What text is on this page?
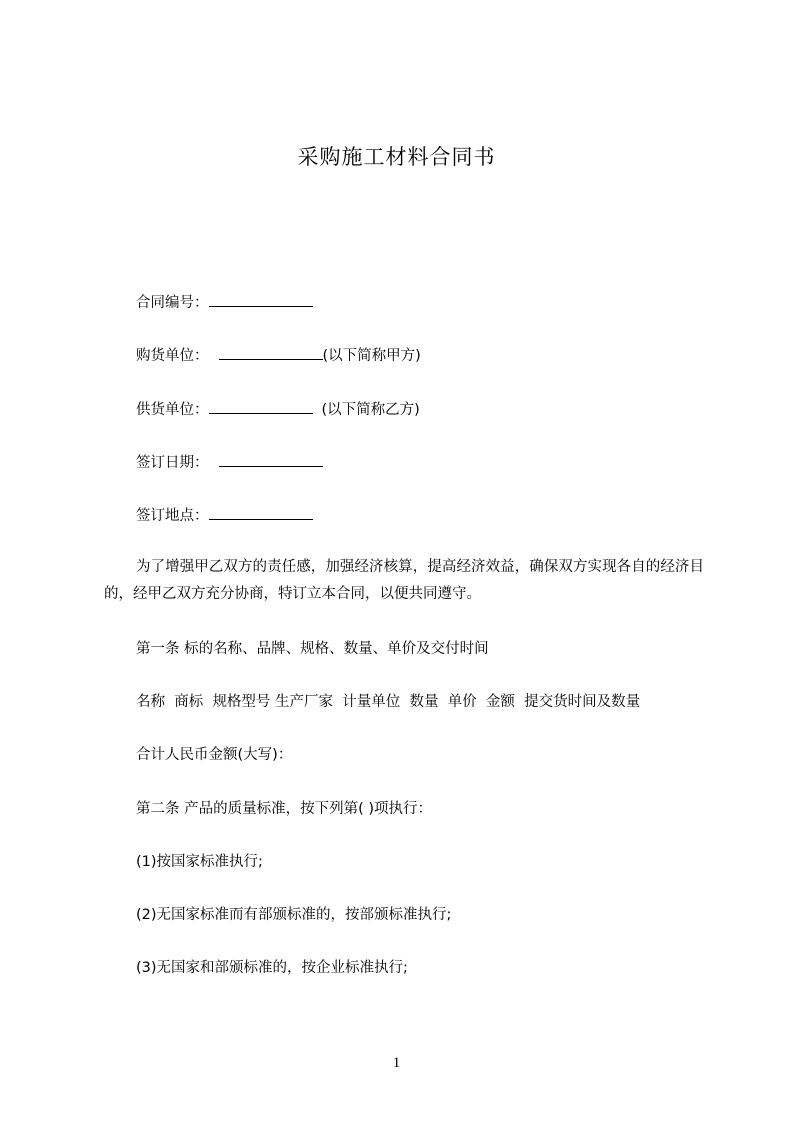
采购施工材料合同书
合同编号：
购货单位：	(以下简称甲方)
供货单位：	(以下简称乙方)
签订日期：
签订地点：
为了增强甲乙双方的责任感，加强经济核算，提高经济效益，确保双方实现各自的经济目的，经甲乙双方充分协商，特订立本合同，以便共同遵守。
第一条 标的名称、品牌、规格、数量、单价及交付时间
名称 商标 规格型号 生产厂家 计量单位 数量 单价 金额 提交货时间及数量
合计人民币金额(大写)：
第二条 产品的质量标准，按下列第( )项执行：
(1)按国家标准执行;
(2)无国家标准而有部颁标准的，按部颁标准执行;
(3)无国家和部颁标准的，按企业标准执行;
1
